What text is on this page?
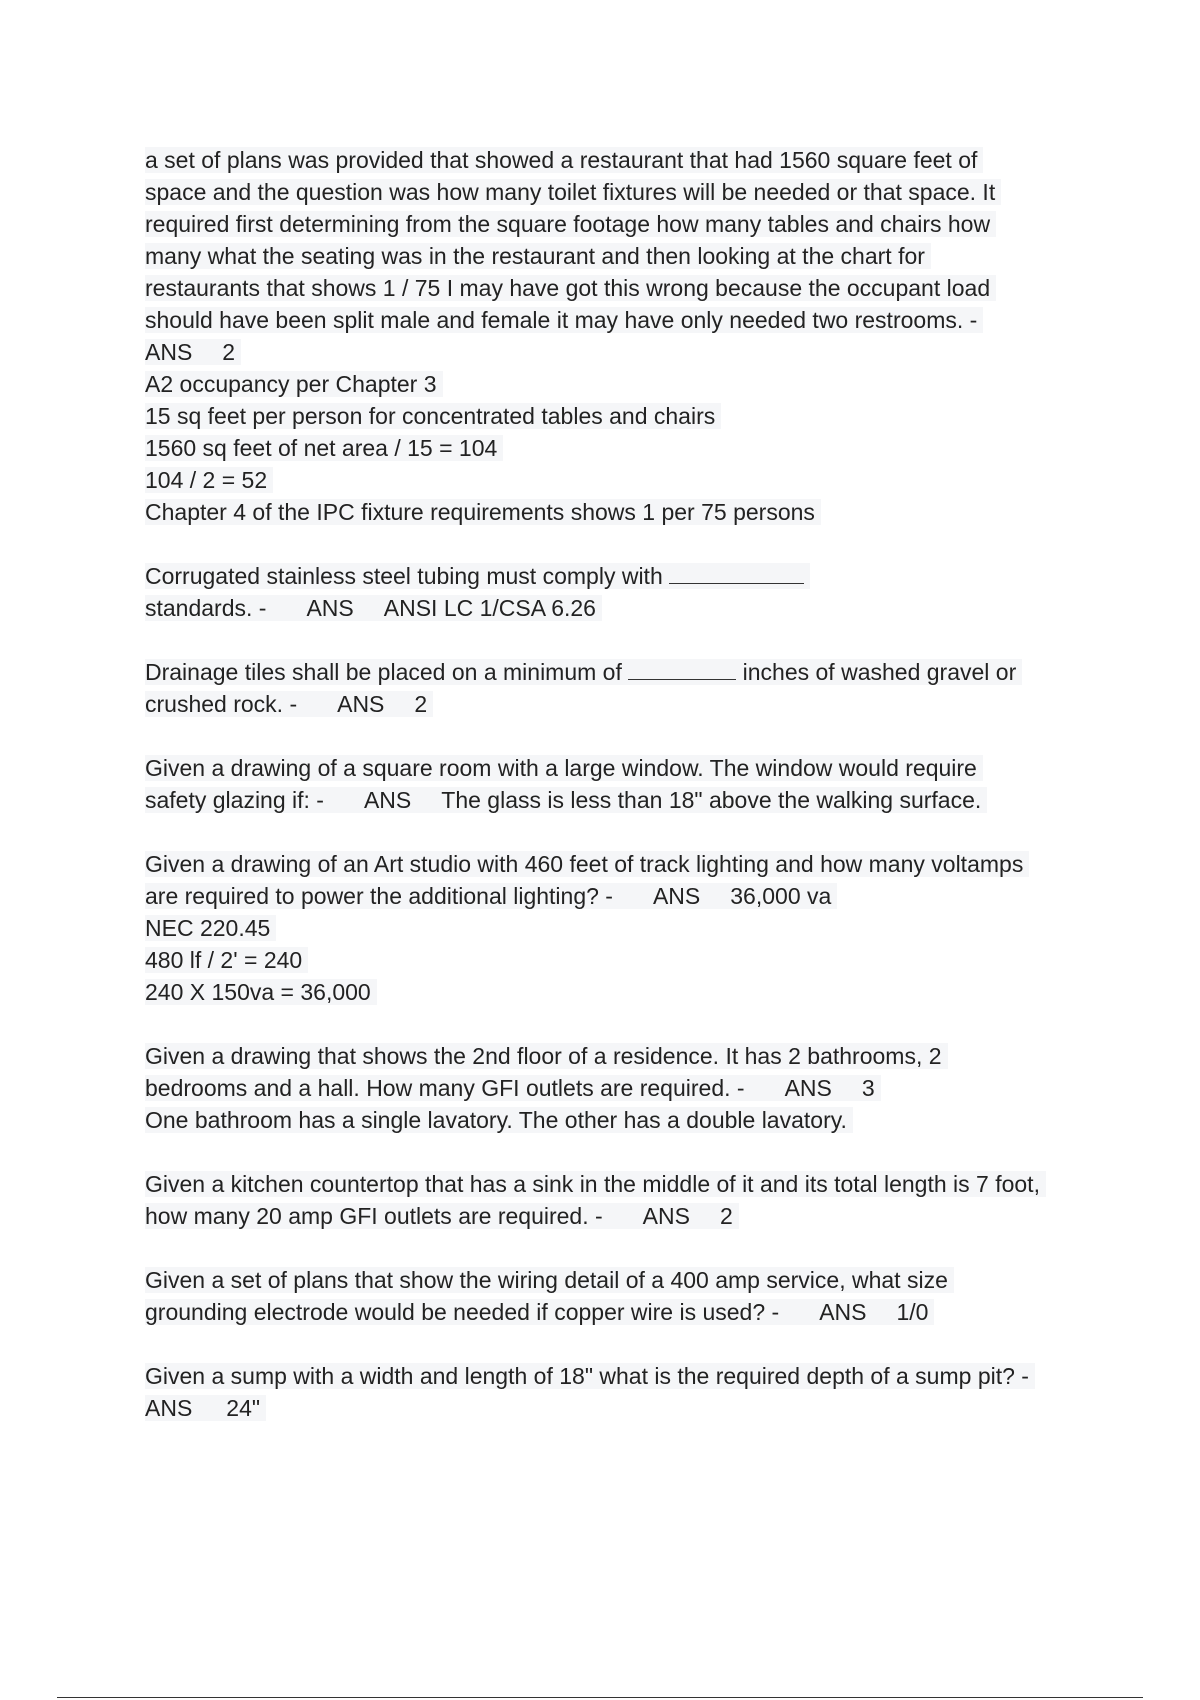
a set of plans was provided that showed a restaurant that had 1560 square feet of
space and the question was how many toilet fixtures will be needed or that space. It
required first determining from the square footage how many tables and chairs how
many what the seating was in the restaurant and then looking at the chart for
restaurants that shows 1 / 75 I may have got this wrong because the occupant load
should have been split male and female it may have only needed two restrooms. -
ANS 2
A2 occupancy per Chapter 3
15 sq feet per person for concentrated tables and chairs
1560 sq feet of net area / 15 = 104
104 / 2 = 52
Chapter 4 of the IPC fixture requirements shows 1 per 75 persons
Corrugated stainless steel tubing must comply with
standards. - ANS ANSI LC 1/CSA 6.26
Drainage tiles shall be placed on a minimum of	inches of washed gravel or
crushed rock. - ANS 2
Given a drawing of a square room with a large window. The window would require
safety glazing if: - ANS The glass is less than 18" above the walking surface.
Given a drawing of an Art studio with 460 feet of track lighting and how many voltamps
are required to power the additional lighting? - ANS 36,000 va
NEC 220.45
480 lf / 2' = 240
240 X 150va = 36,000
Given a drawing that shows the 2nd floor of a residence. It has 2 bathrooms, 2
bedrooms and a hall. How many GFI outlets are required. - ANS 3
One bathroom has a single lavatory. The other has a double lavatory.
Given a kitchen countertop that has a sink in the middle of it and its total length is 7 foot,
how many 20 amp GFI outlets are required. - ANS 2
Given a set of plans that show the wiring detail of a 400 amp service, what size
grounding electrode would be needed if copper wire is used? - ANS 1/0
Given a sump with a width and length of 18" what is the required depth of a sump pit? -
ANS 24"
